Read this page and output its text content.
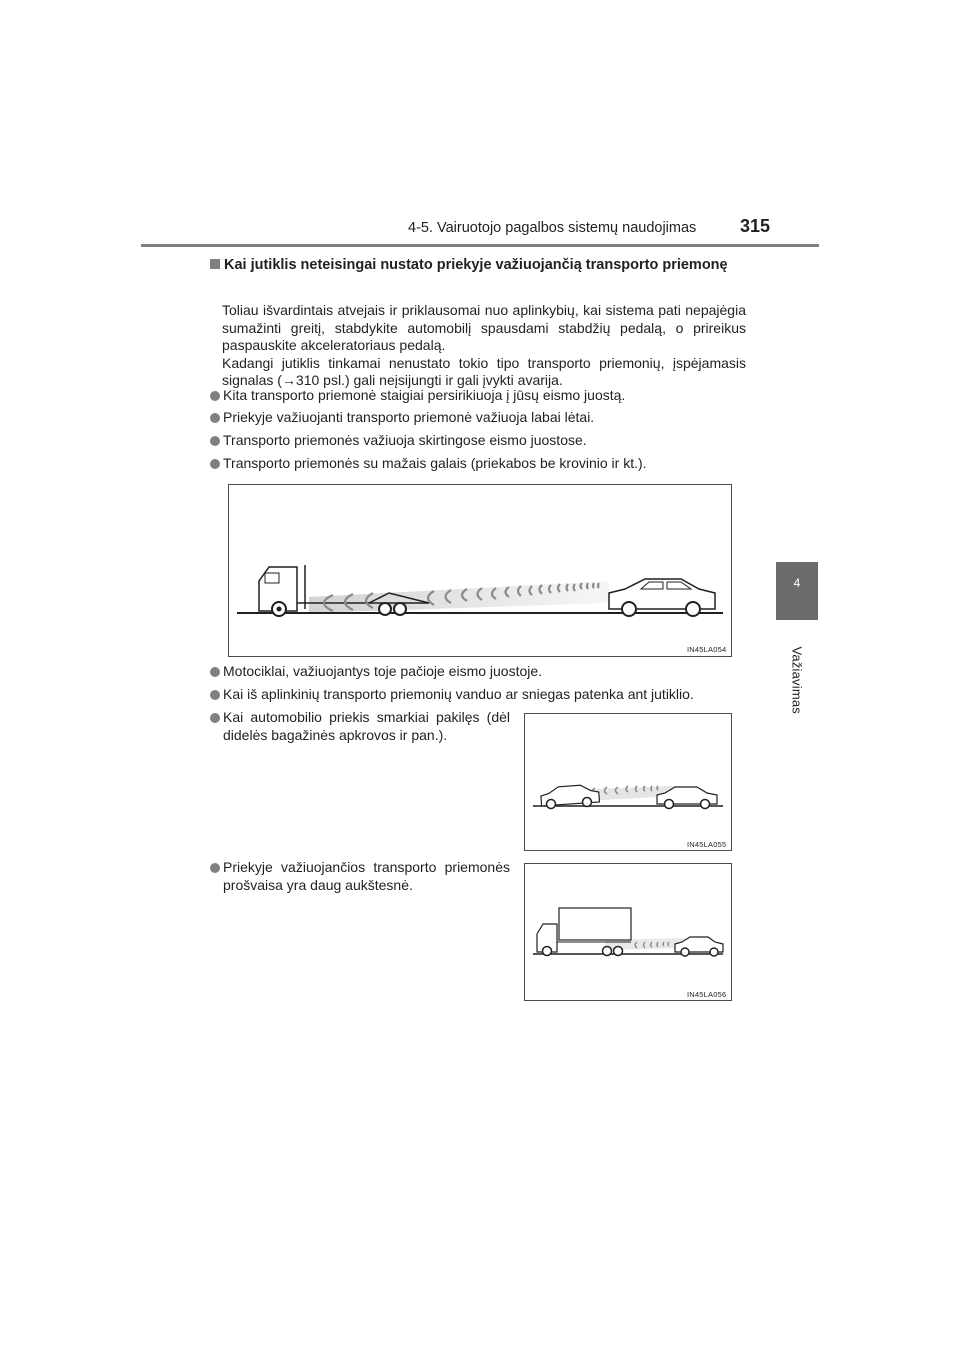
4-5. Vairuotojo pagalbos sistemų naudojimas 315
4
Važiavimas
Kai jutiklis neteisingai nustato priekyje važiuojančią transporto priemonę
Toliau išvardintais atvejais ir priklausomai nuo aplinkybių, kai sistema pati nepajėgia sumažinti greitį, stabdykite automobilį spausdami stabdžių pedalą, o prireikus paspauskite akceleratoriaus pedalą.
Kadangi jutiklis tinkamai nenustato tokio tipo transporto priemonių, įspėjamasis signalas (→310 psl.) gali neįsijungti ir gali įvykti avarija.
Kita transporto priemonė staigiai persirikiuoja į jūsų eismo juostą.
Priekyje važiuojanti transporto priemonė važiuoja labai lėtai.
Transporto priemonės važiuoja skirtingose eismo juostose.
Transporto priemonės su mažais galais (priekabos be krovinio ir kt.).
IN45LA054
Motociklai, važiuojantys toje pačioje eismo juostoje.
Kai iš aplinkinių transporto priemonių vanduo ar sniegas patenka ant jutiklio.
Kai automobilio priekis smarkiai pakilęs (dėl didelės bagažinės apkrovos ir pan.).
IN45LA055
Priekyje važiuojančios transporto priemonės prošvaisa yra daug aukštesnė.
IN45LA056
